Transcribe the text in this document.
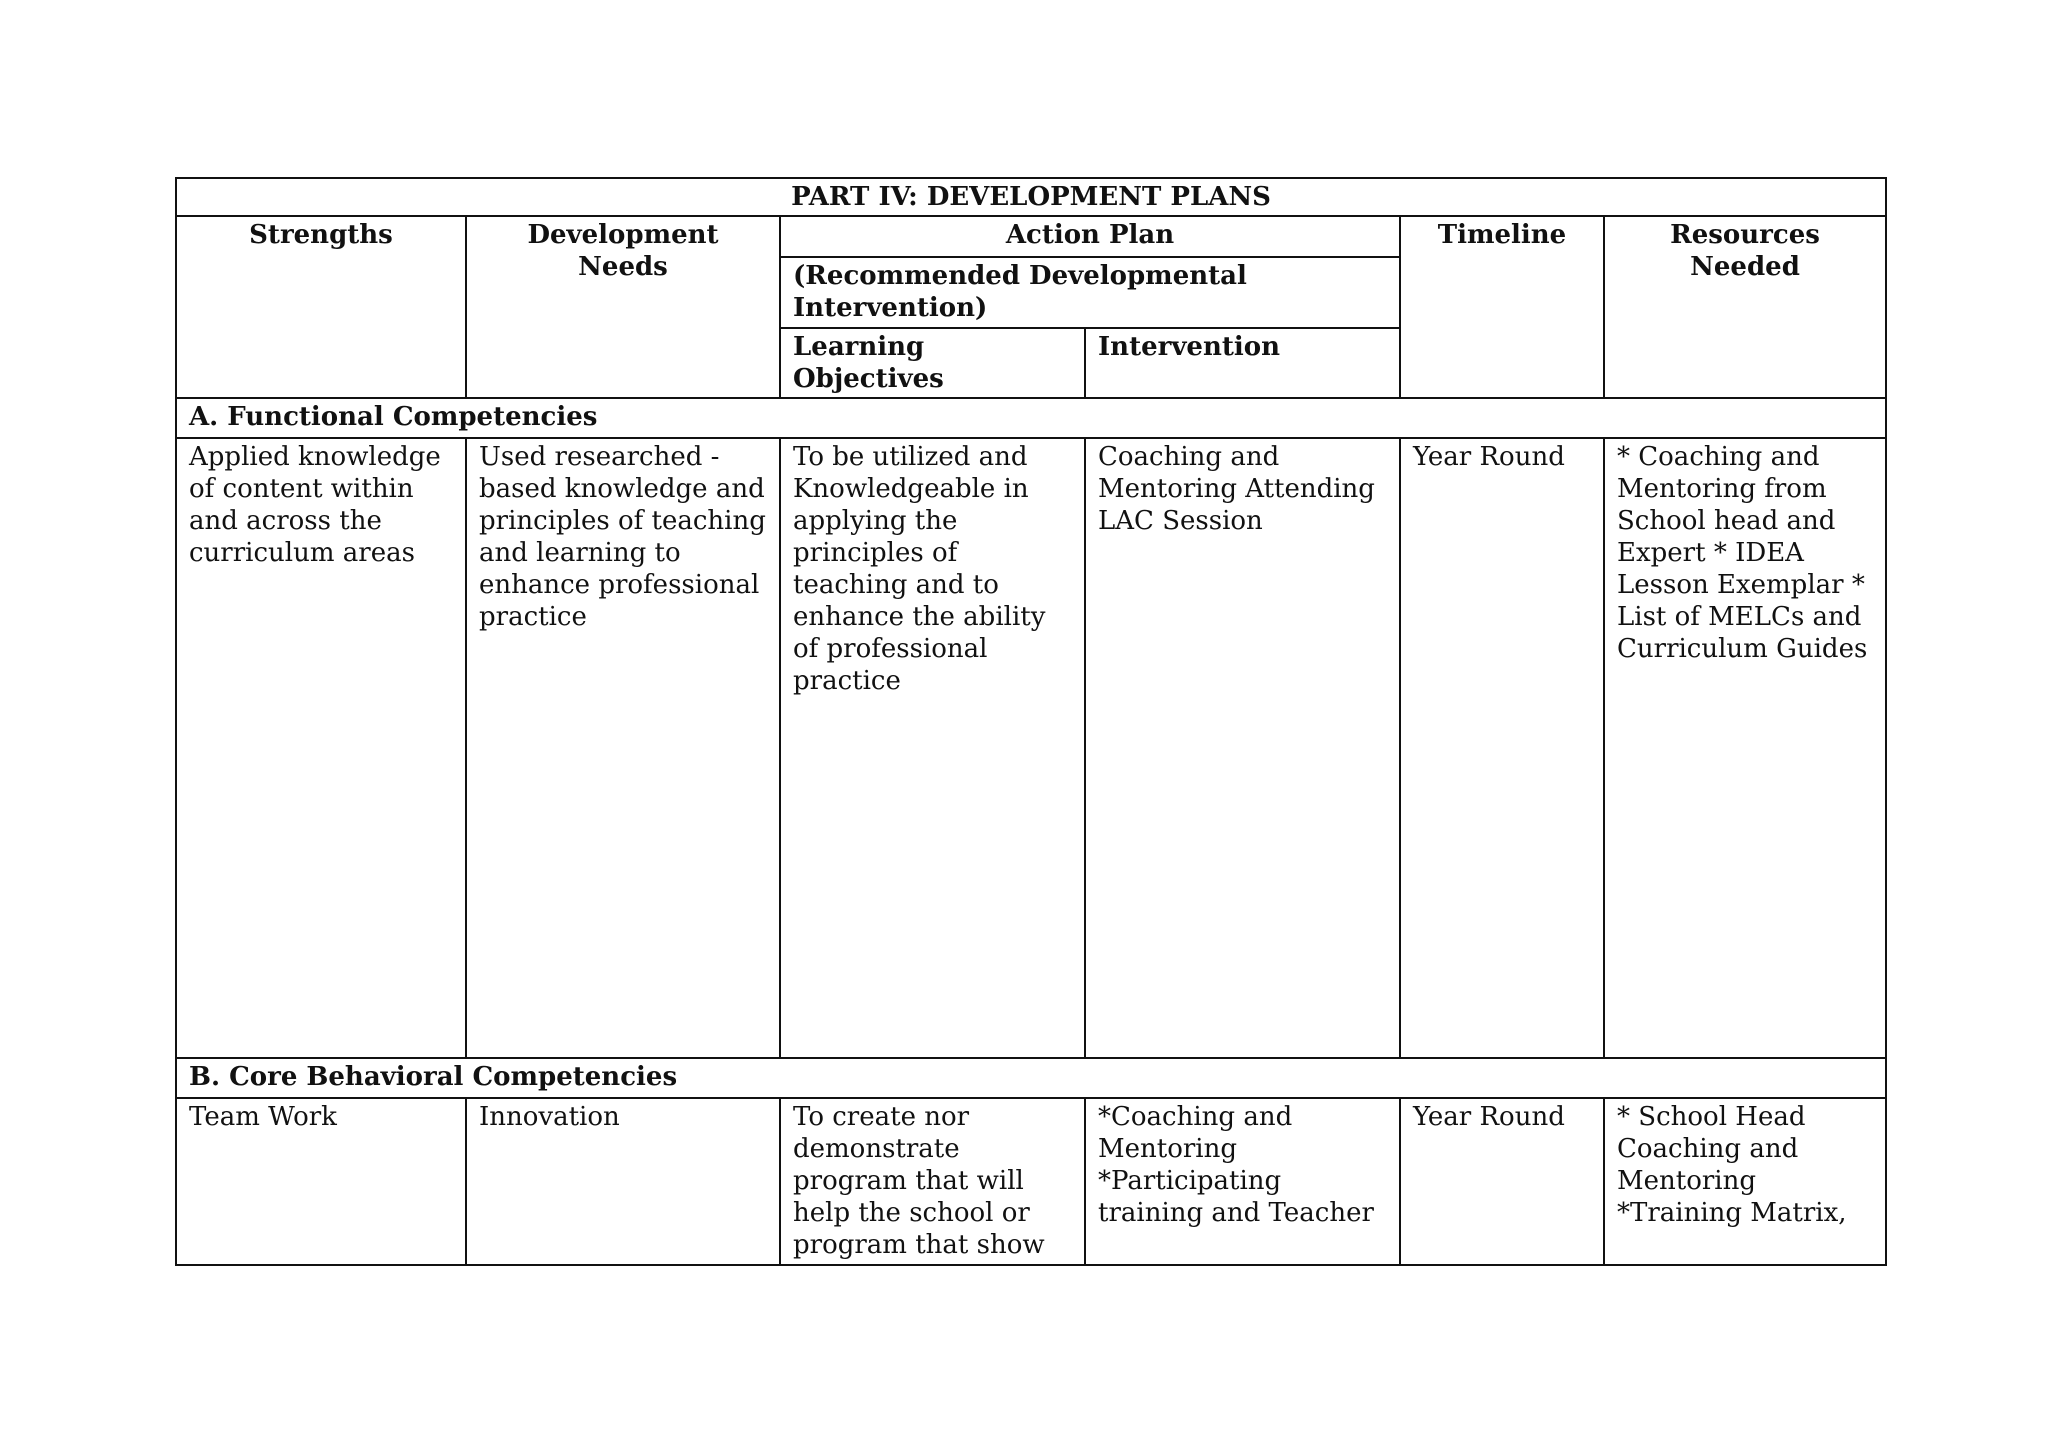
PART IV: DEVELOPMENT PLANS					
Strengths	Development Needs	Action Plan		Timeline	Resources Needed
		(Recommended Developmental Intervention)			
		Learning Objectives	Intervention		
A. Functional Competencies					
Applied knowledge of content within and across the curriculum areas	Used researched - based knowledge and principles of teaching and learning to enhance professional practice	To be utilized and Knowledgeable in applying the principles of teaching and to enhance the ability of professional practice	Coaching and Mentoring Attending LAC Session	Year Round	* Coaching and Mentoring from School head and Expert * IDEA Lesson Exemplar * List of MELCs and Curriculum Guides
B. Core Behavioral Competencies					
Team Work	Innovation	To create nor demonstrate program that will help the school or program that show	*Coaching and Mentoring *Participating training and Teacher	Year Round	* School Head Coaching and Mentoring *Training Matrix,
